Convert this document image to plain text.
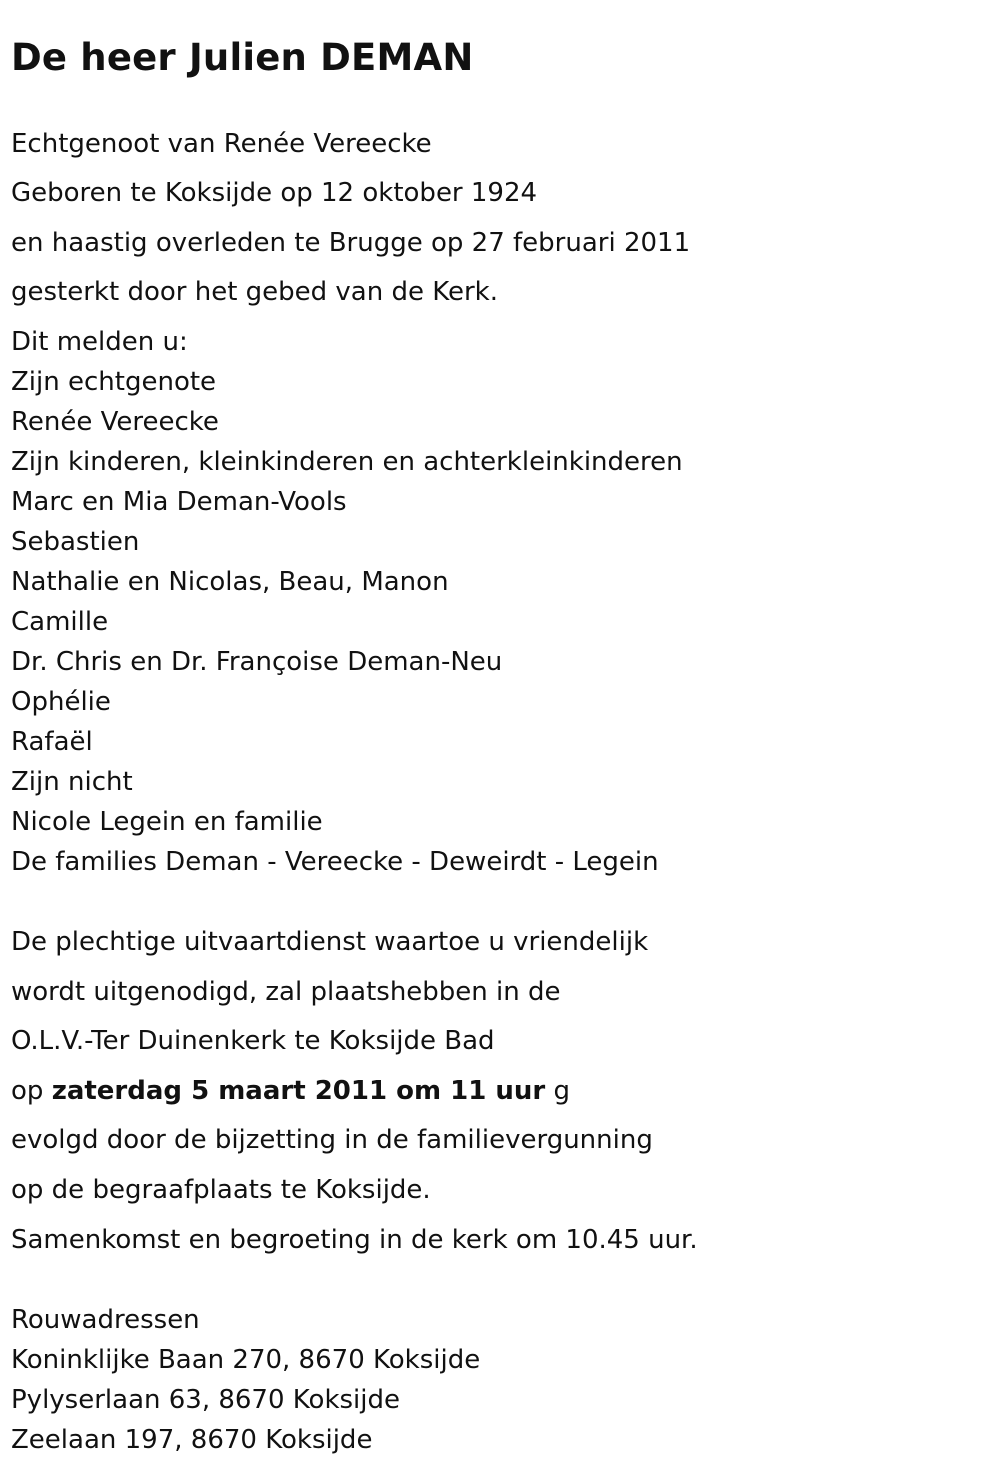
De heer Julien DEMAN

Echtgenoot van Renée Vereecke

Geboren te Koksijde op 12 oktober 1924

en haastig overleden te Brugge op 27 februari 2011

gesterkt door het gebed van de Kerk.

Dit melden u:

Zijn echtgenote

Renée Vereecke

Zijn kinderen, kleinkinderen en achterkleinkinderen

Marc en Mia Deman-Vools

Sebastien

Nathalie en Nicolas, Beau, Manon

Camille

Dr. Chris en Dr. Françoise Deman-Neu

Ophélie

Rafaël

Zijn nicht

Nicole Legein en familie

De families Deman - Vereecke - Deweirdt - Legein

De plechtige uitvaartdienst waartoe u vriendelijk

wordt uitgenodigd, zal plaatshebben in de

O.L.V.-Ter Duinenkerk te Koksijde Bad

op zaterdag 5 maart 2011 om 11 uur g

evolgd door de bijzetting in de familievergunning

op de begraafplaats te Koksijde.

Samenkomst en begroeting in de kerk om 10.45 uur.

Rouwadressen

Koninklijke Baan 270, 8670 Koksijde

Pylyserlaan 63, 8670 Koksijde

Zeelaan 197, 8670 Koksijde
